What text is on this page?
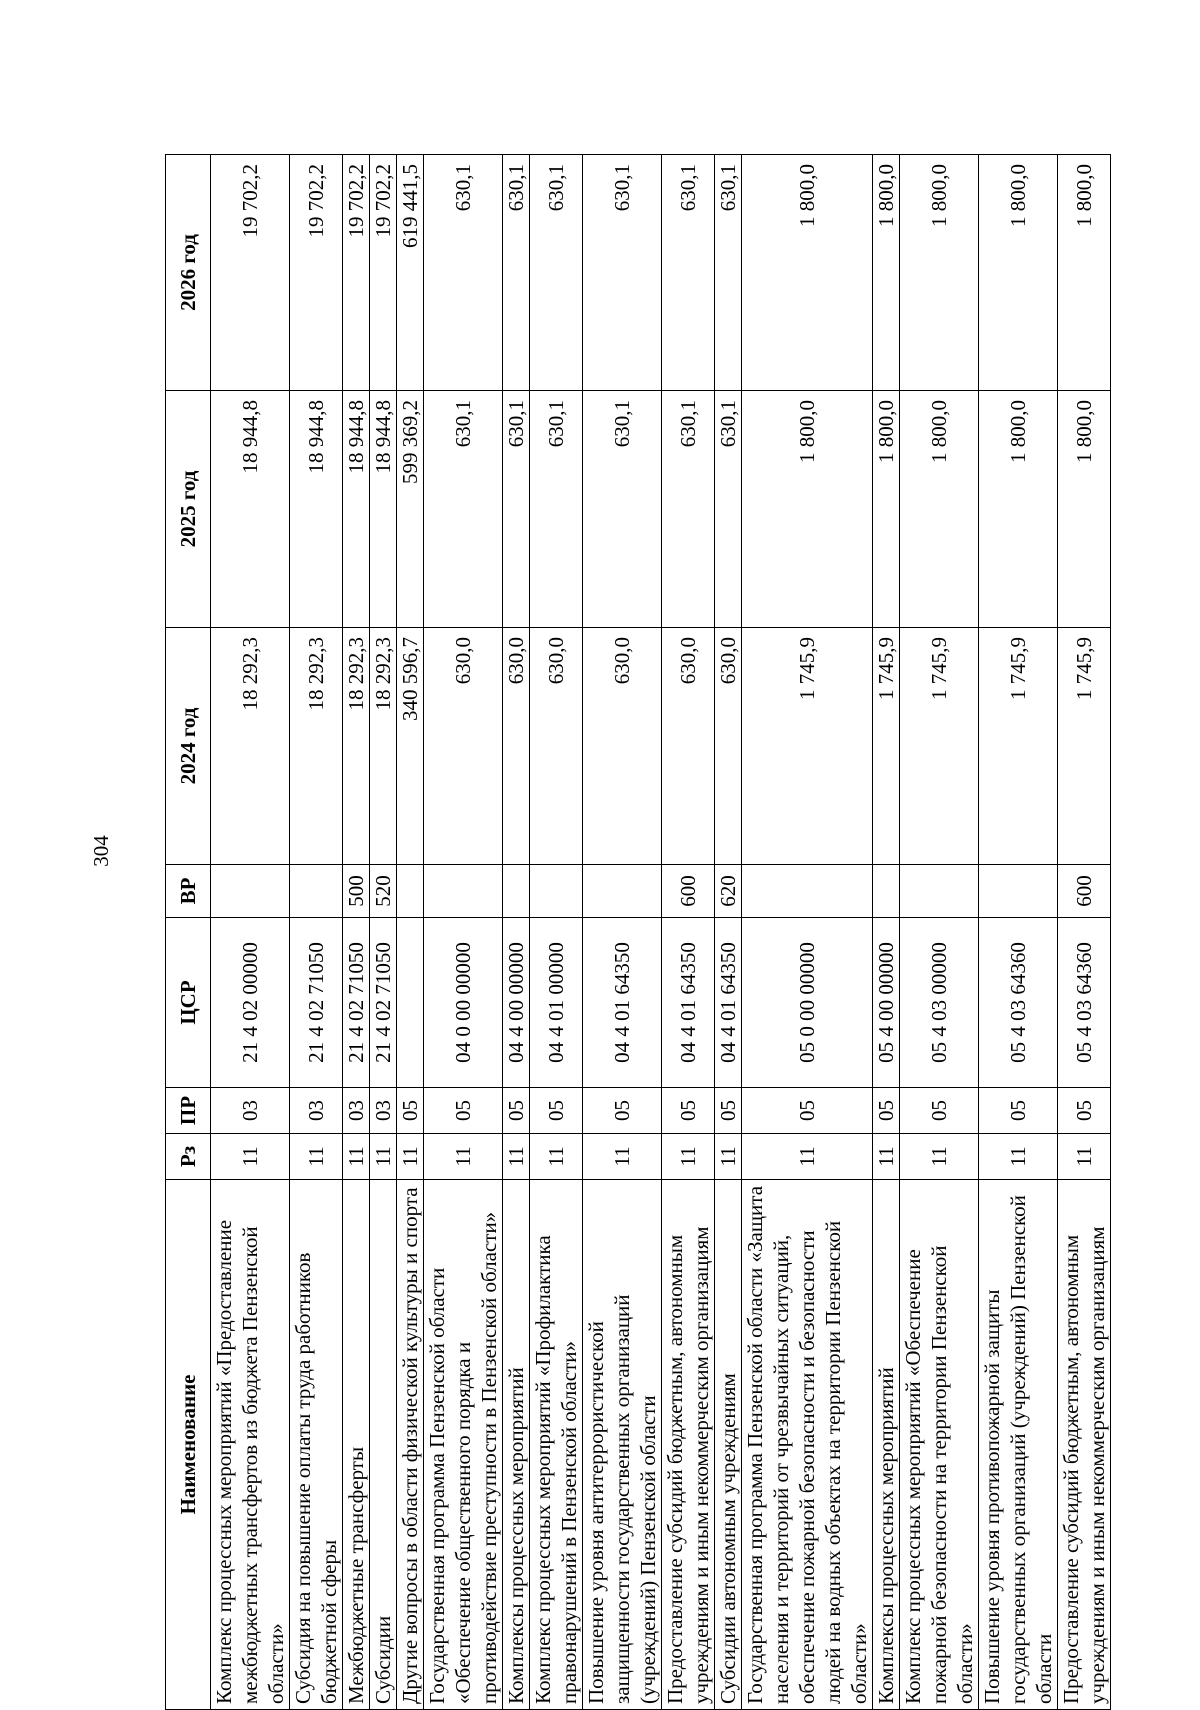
304
Наименование	Рз	ПР	ЦСР	ВР	2024 год	2025 год	2026 год
Комплекс процессных мероприятий «Предоставление межбюджетных трансфертов из бюджета Пензенской области»	11	03	21 4 02 00000		18 292,3	18 944,8	19 702,2
Субсидия на повышение оплаты труда работников бюджетной сферы	11	03	21 4 02 71050		18 292,3	18 944,8	19 702,2
Межбюджетные трансферты	11	03	21 4 02 71050	500	18 292,3	18 944,8	19 702,2
Субсидии	11	03	21 4 02 71050	520	18 292,3	18 944,8	19 702,2
Другие вопросы в области физической культуры и спорта	11	05			340 596,7	599 369,2	619 441,5
Государственная программа Пензенской области «Обеспечение общественного порядка и противодействие преступности в Пензенской области»	11	05	04 0 00 00000		630,0	630,1	630,1
Комплексы процессных мероприятий	11	05	04 4 00 00000		630,0	630,1	630,1
Комплекс процессных мероприятий «Профилактика правонарушений в Пензенской области»	11	05	04 4 01 00000		630,0	630,1	630,1
Повышение уровня антитеррористической защищенности государственных организаций (учреждений) Пензенской области	11	05	04 4 01 64350		630,0	630,1	630,1
Предоставление субсидий бюджетным, автономным учреждениям и иным некоммерческим организациям	11	05	04 4 01 64350	600	630,0	630,1	630,1
Субсидии автономным учреждениям	11	05	04 4 01 64350	620	630,0	630,1	630,1
Государственная программа Пензенской области «Защита населения и территорий от чрезвычайных ситуаций, обеспечение пожарной безопасности и безопасности людей на водных объектах на территории Пензенской области»	11	05	05 0 00 00000		1 745,9	1 800,0	1 800,0
Комплексы процессных мероприятий	11	05	05 4 00 00000		1 745,9	1 800,0	1 800,0
Комплекс процессных мероприятий «Обеспечение пожарной безопасности на территории Пензенской области»	11	05	05 4 03 00000		1 745,9	1 800,0	1 800,0
Повышение уровня противопожарной защиты государственных организаций (учреждений) Пензенской области	11	05	05 4 03 64360		1 745,9	1 800,0	1 800,0
Предоставление субсидий бюджетным, автономным учреждениям и иным некоммерческим организациям	11	05	05 4 03 64360	600	1 745,9	1 800,0	1 800,0
